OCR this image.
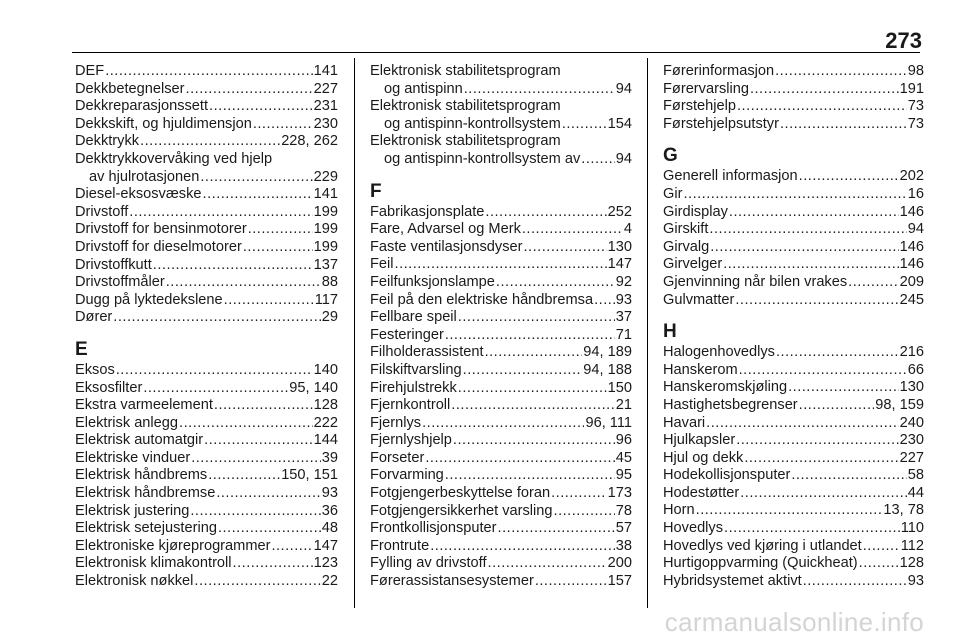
273
DEF .....	141
Dekkbetegnelser .....	227
Dekkreparasjonssett .....	231
Dekkskift, og hjuldimensjon .....	230
Dekktrykk .....	228, 262
Dekktrykkovervåking ved hjelp
av hjulrotasjonen .....	229
Diesel-eksosvæske .....	141
Drivstoff .....	199
Drivstoff for bensinmotorer .....	199
Drivstoff for dieselmotorer .....	199
Drivstoffkutt .....	137
Drivstoffmåler .....	88
Dugg på lyktedekslene .....	117
Dører .....	29
E
Eksos .....	140
Eksosfilter .....	95, 140
Ekstra varmeelement .....	128
Elektrisk anlegg .....	222
Elektrisk automatgir .....	144
Elektriske vinduer .....	39
Elektrisk håndbrems .....	150, 151
Elektrisk håndbremse .....	93
Elektrisk justering .....	36
Elektrisk setejustering .....	48
Elektroniske kjøreprogrammer .....	147
Elektronisk klimakontroll .....	123
Elektronisk nøkkel .....	22
Elektronisk stabilitetsprogram
og antispinn .....	94
Elektronisk stabilitetsprogram
og antispinn-kontrollsystem .....	154
Elektronisk stabilitetsprogram
og antispinn-kontrollsystem av ..... 94
F
Fabrikasjonsplate .....	252
Fare, Advarsel og Merk .....	4
Faste ventilasjonsdyser .....	130
Feil .....	147
Feilfunksjonslampe .....	92
Feil på den elektriske håndbremsa ..... 93
Fellbare speil .....	37
Festeringer .....	71
Filholderassistent .....	94, 189
Filskiftvarsling .....	94, 188
Firehjulstrekk .....	150
Fjernkontroll .....	21
Fjernlys .....	96, 111
Fjernlyshjelp .....	96
Forseter .....	45
Forvarming .....	95
Fotgjengerbeskyttelse foran .....	173
Fotgjengersikkerhet varsling .....	78
Frontkollisjonsputer .....	57
Frontrute .....	38
Fylling av drivstoff .....	200
Førerassistansesystemer .....	157
Førerinformasjon .....	98
Førervarsling .....	191
Førstehjelp .....	73
Førstehjelpsutstyr .....	73
G
Generell informasjon .....	202
Gir .....	16
Girdisplay .....	146
Girskift .....	94
Girvalg .....	146
Girvelger .....	146
Gjenvinning når bilen vrakes .....	209
Gulvmatter .....	245
H
Halogenhovedlys .....	216
Hanskerom .....	66
Hanskeromskjøling .....	130
Hastighetsbegrenser .....	98, 159
Havari .....	240
Hjulkapsler .....	230
Hjul og dekk .....	227
Hodekollisjonsputer .....	58
Hodestøtter .....	44
Horn .....	13, 78
Hovedlys .....	110
Hovedlys ved kjøring i utlandet .....	112
Hurtigoppvarming (Quickheat) .....	128
Hybridsystemet aktivt .....	93
carmanualsonline.info
